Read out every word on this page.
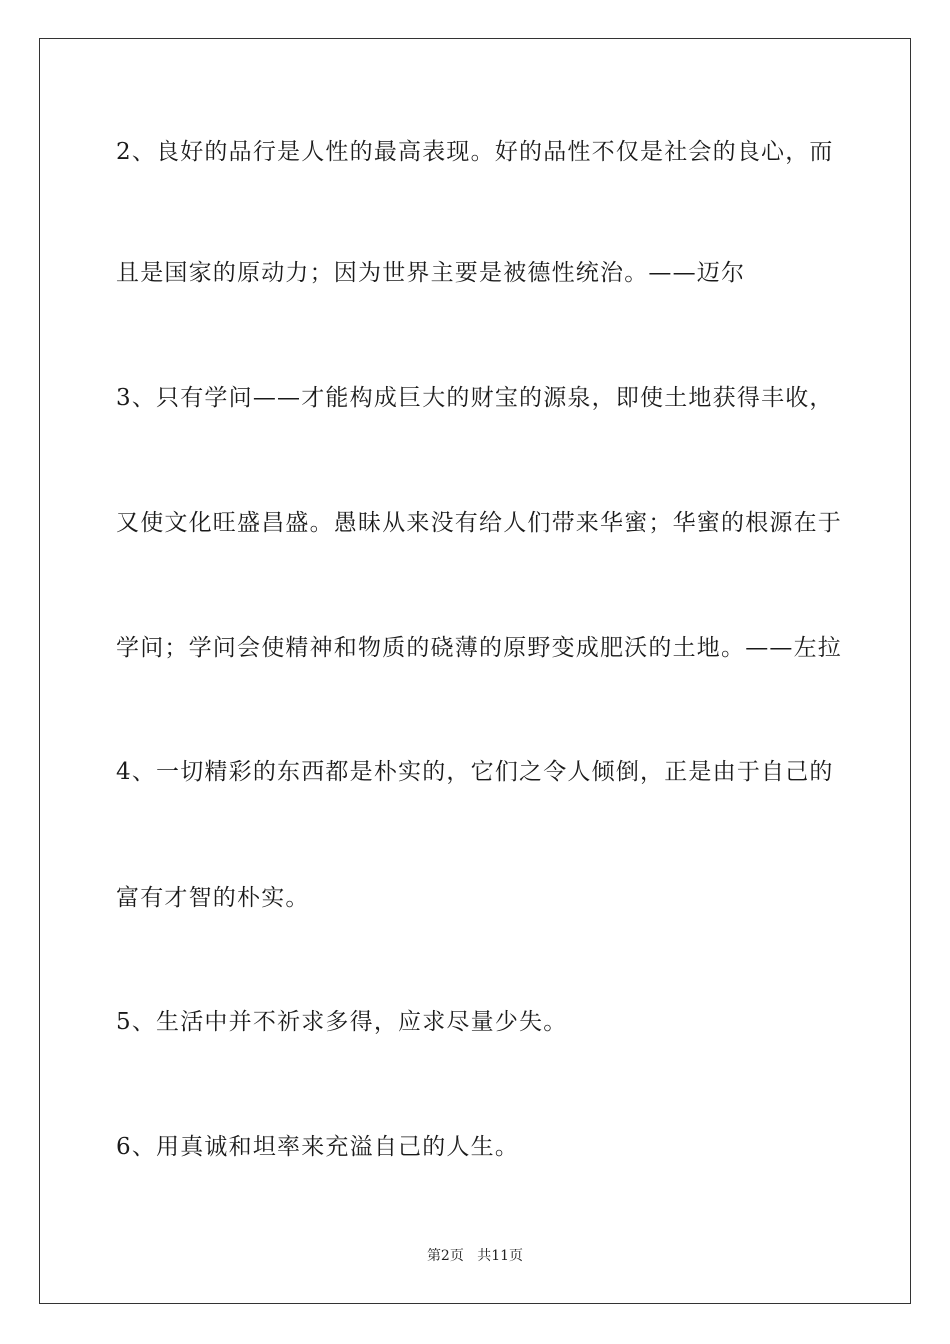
2、良好的品行是人性的最高表现。好的品性不仅是社会的良心，而
且是国家的原动力；因为世界主要是被德性统治。——迈尔
3、只有学问——才能构成巨大的财宝的源泉，即使土地获得丰收，
又使文化旺盛昌盛。愚昧从来没有给人们带来华蜜；华蜜的根源在于
学问；学问会使精神和物质的硗薄的原野变成肥沃的土地。——左拉
4、一切精彩的东西都是朴实的，它们之令人倾倒，正是由于自己的
富有才智的朴实。
5、生活中并不祈求多得，应求尽量少失。
6、用真诚和坦率来充溢自己的人生。
第2页 共11页
